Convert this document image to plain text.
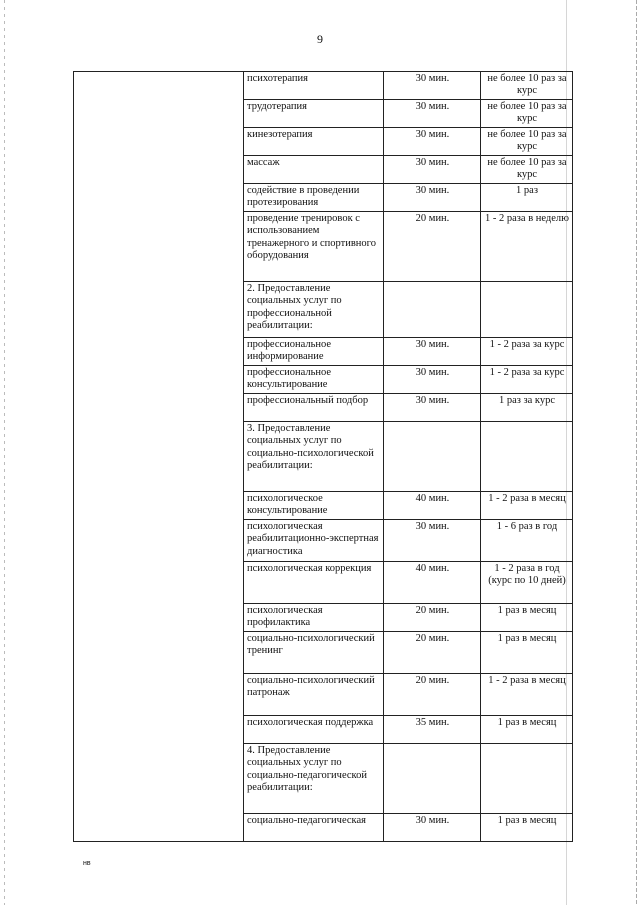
9
	психотерапия	30 мин.	не более 10 раз за курс
	трудотерапия	30 мин.	не более 10 раз за курс
	кинезотерапия	30 мин.	не более 10 раз за курс
	массаж	30 мин.	не более 10 раз за курс
	содействие в проведении протезирования	30 мин.	1 раз
	проведение тренировок с использованием тренажерного и спортивного оборудования	20 мин.	1 - 2 раза в неделю
	2. Предоставление социальных услуг по профессиональной реабилитации:		
	профессиональное информирование	30 мин.	1 - 2 раза за курс
	профессиональное консультирование	30 мин.	1 - 2 раза за курс
	профессиональный подбор	30 мин.	1 раз за курс
	3. Предоставление социальных услуг по социально-психологической реабилитации:		
	психологическое консультирование	40 мин.	1 - 2 раза в месяц
	психологическая реабилитационно-экспертная диагностика	30 мин.	1 - 6 раз в год
	психологическая коррекция	40 мин.	1 - 2 раза в год (курс по 10 дней)
	психологическая профилактика	20 мин.	1 раз в месяц
	социально-психологический тренинг	20 мин.	1 раз в месяц
	социально-психологический патронаж	20 мин.	1 - 2 раза в месяц
	психологическая поддержка	35 мин.	1 раз в месяц
	4. Предоставление социальных услуг по социально-педагогической реабилитации:		
	социально-педагогическая	30 мин.	1 раз в месяц
нв
